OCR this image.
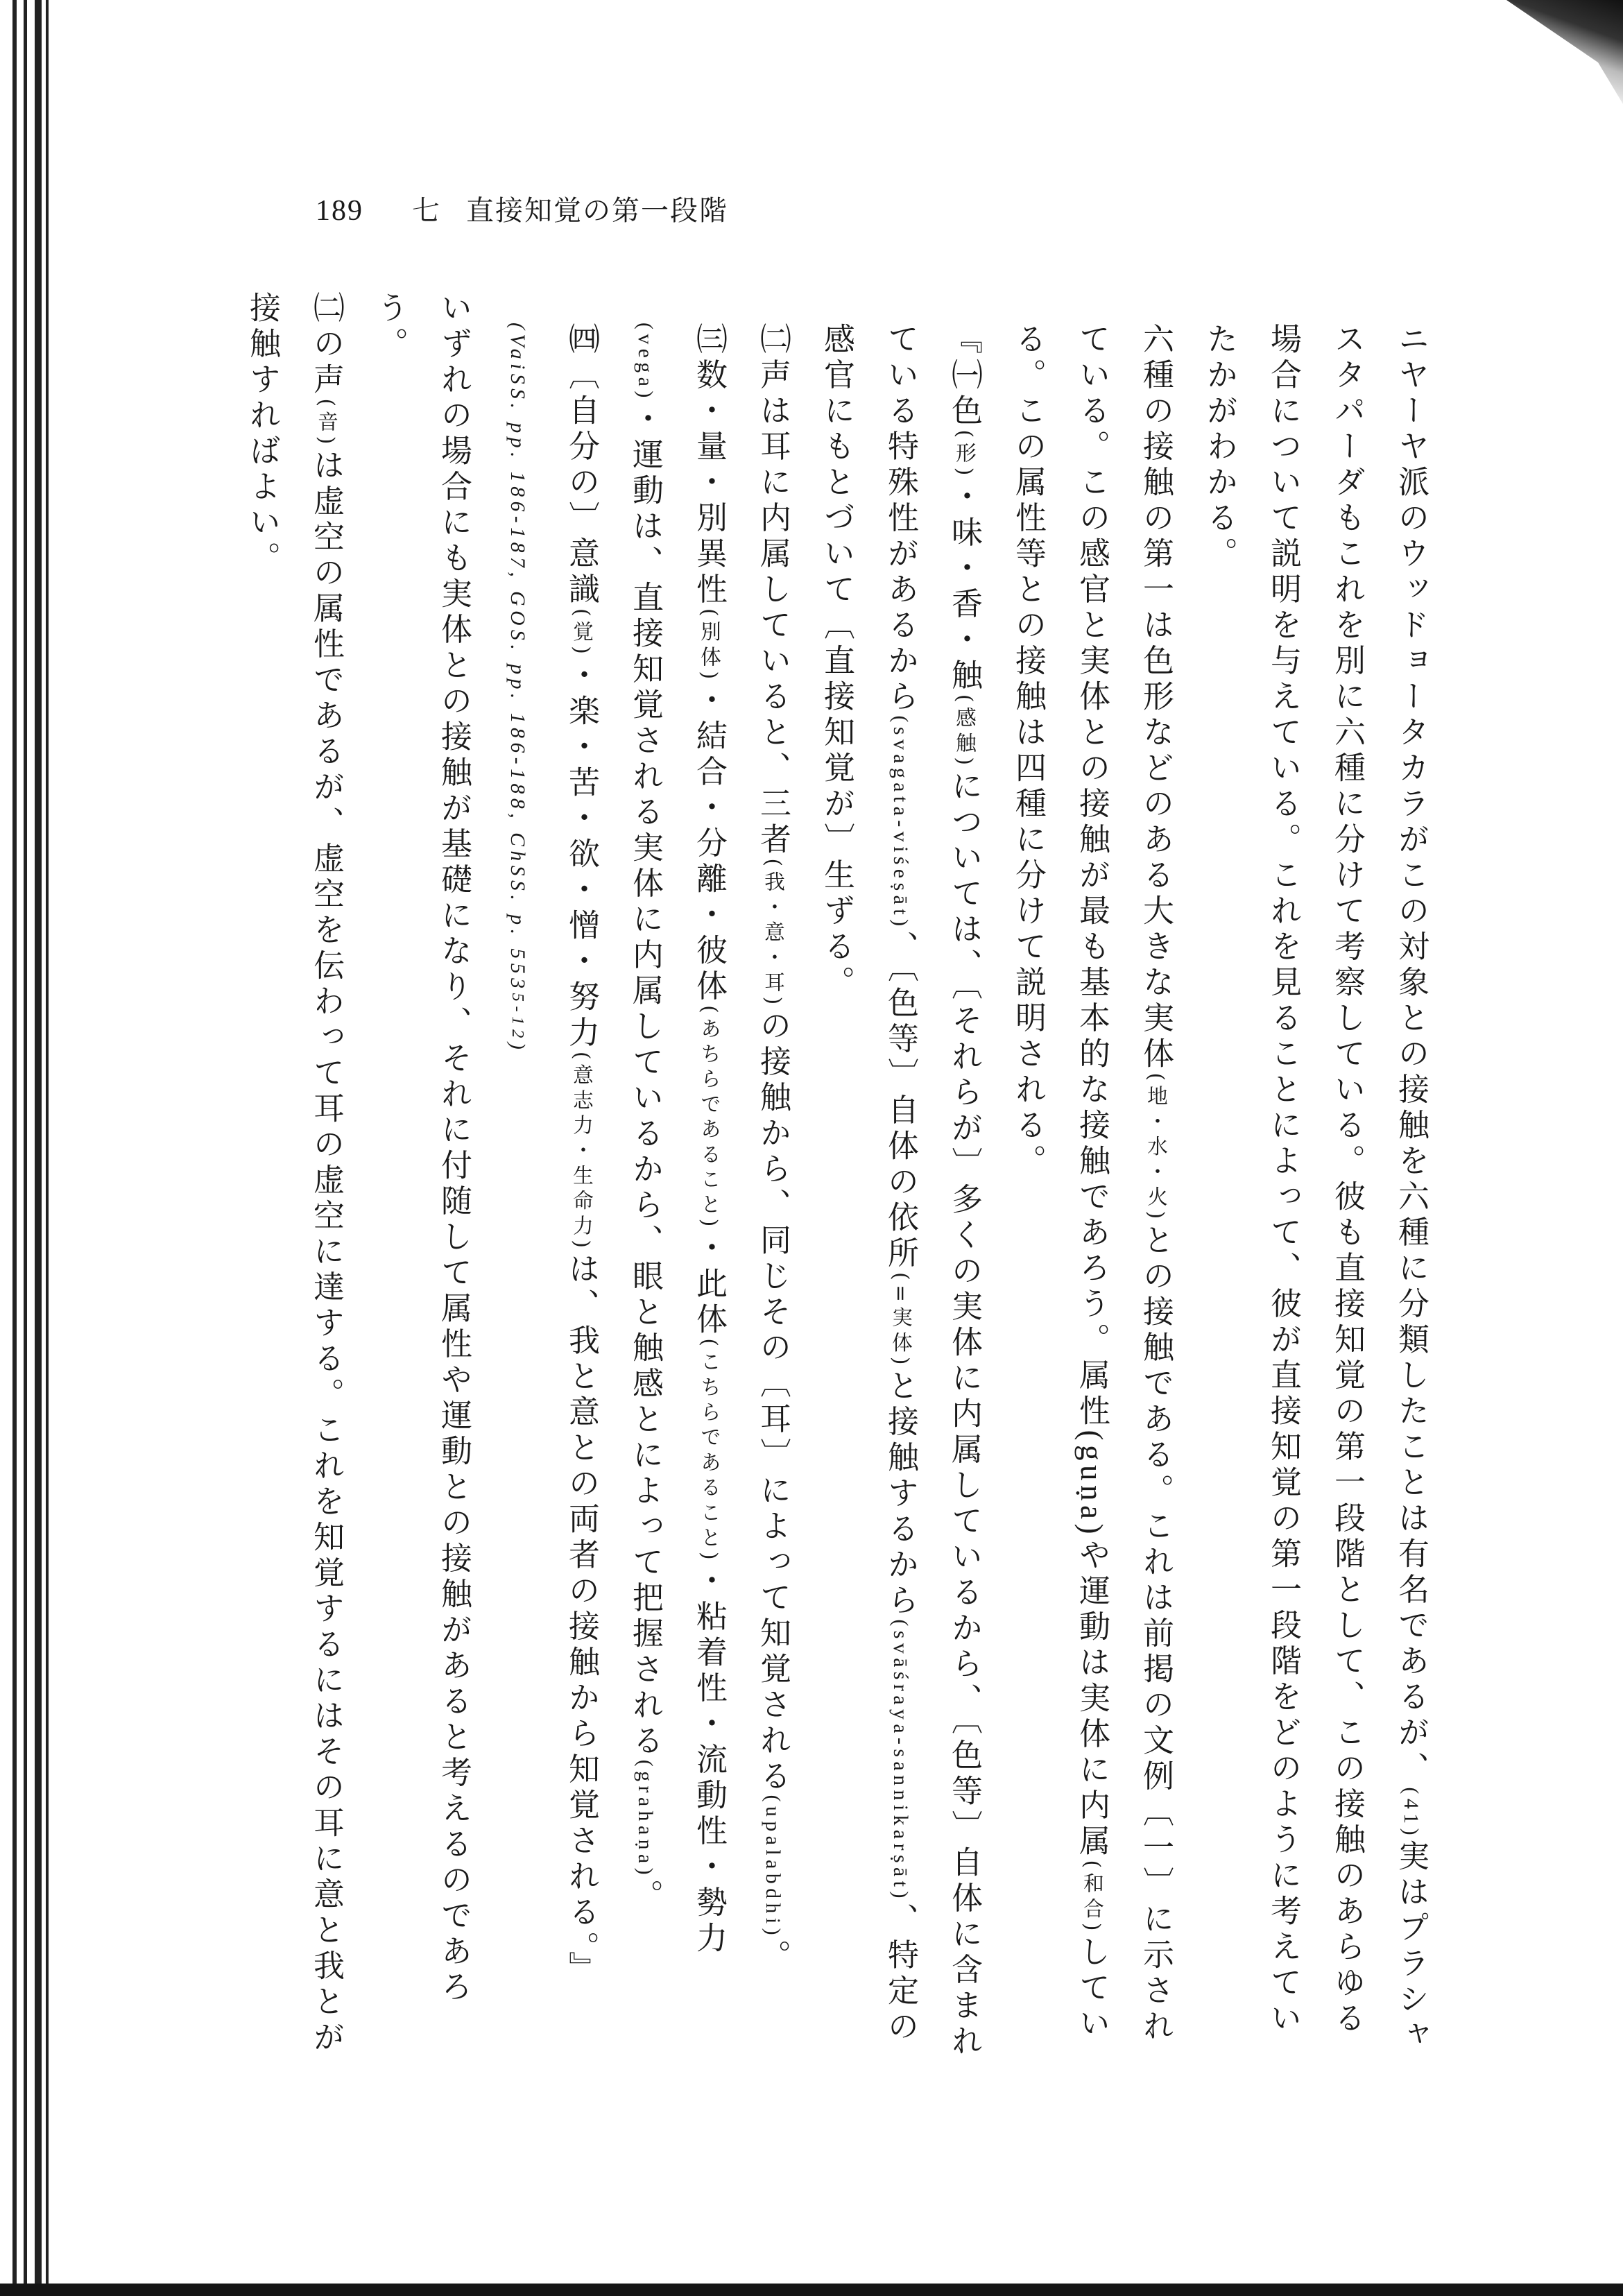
189 七 直接知覚の第一段階

ニヤーヤ派のウッドョータカラがこの対象との接触を六種に分類したことは有名であるが、(41)実はプラシャスタパーダもこれを別に六種に分けて考察している。彼も直接知覚の第一段階として、この接触のあらゆる場合について説明を与えている。これを見ることによって、彼が直接知覚の第一段階をどのように考えていたかがわかる。

六種の接触の第一は色形などのある大きな実体(地・水・火)との接触である。これは前掲の文例〔一〕に示されている。この感官と実体との接触が最も基本的な接触であろう。属性(guṇa)や運動は実体に内属(和合)している。この属性等との接触は四種に分けて説明される。

『㈠色(形)・味・香・触(感触)については、〔それらが〕多くの実体に内属しているから、〔色等〕自体に含まれている特殊性があるから(svagata-viśeṣāt)、〔色等〕自体の依所(=実体)と接触するから(svāśraya-sannikarṣāt)、特定の感官にもとづいて〔直接知覚が〕生ずる。

㈡声は耳に内属していると、三者(我・意・耳)の接触から、同じその〔耳〕によって知覚される(upalabdhi)。

㈢数・量・別異性(別体)・結合・分離・彼体(あちらであること)・此体(こちらであること)・粘着性・流動性・勢力(vega)・運動は、直接知覚される実体に内属しているから、眼と触感とによって把握される(grahaṇa)。

㈣〔自分の〕意識(覚)・楽・苦・欲・憎・努力(意志力・生命力)は、我と意との両者の接触から知覚される。』(VaiSS. pp. 186-187, GOS. pp. 186-188, ChSS. p. 5535-12)

いずれの場合にも実体との接触が基礎になり、それに付随して属性や運動との接触があると考えるのであろう。

㈡の声(音)は虚空の属性であるが、虚空を伝わって耳の虚空に達する。これを知覚するにはその耳に意と我とが接触すればよい。
